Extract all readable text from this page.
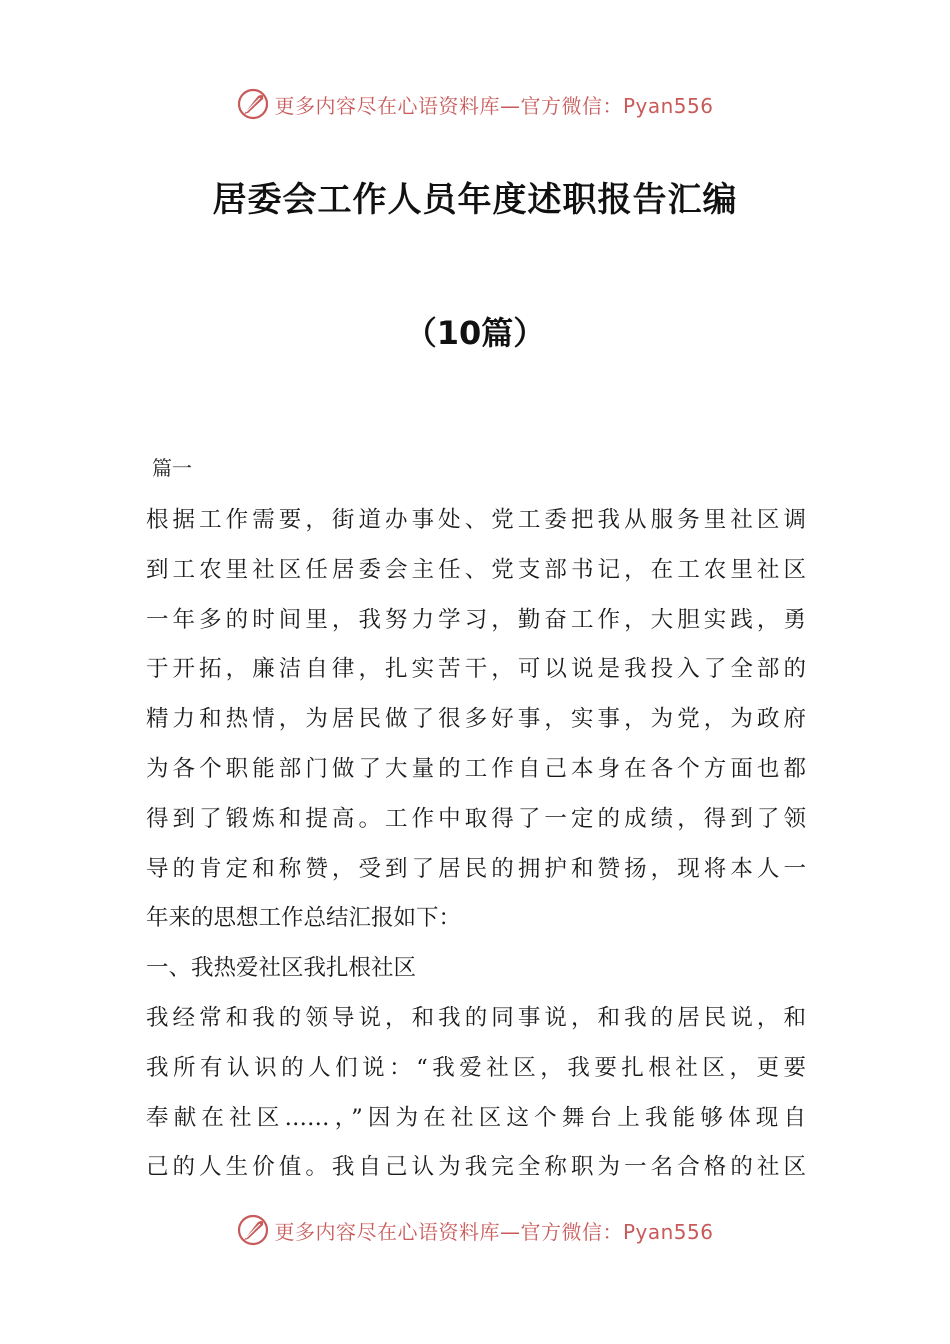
更多内容尽在心语资料库—官方微信：Pyan556
居委会工作人员年度述职报告汇编
（10篇）
篇一
根据工作需要，街道办事处、党工委把我从服务里社区调
到工农里社区任居委会主任、党支部书记，在工农里社区
一年多的时间里，我努力学习，勤奋工作，大胆实践，勇
于开拓，廉洁自律，扎实苦干，可以说是我投入了全部的
精力和热情，为居民做了很多好事，实事，为党，为政府
为各个职能部门做了大量的工作自己本身在各个方面也都
得到了锻炼和提高。工作中取得了一定的成绩，得到了领
导的肯定和称赞，受到了居民的拥护和赞扬，现将本人一
年来的思想工作总结汇报如下：
一、我热爱社区我扎根社区
我经常和我的领导说，和我的同事说，和我的居民说，和
我所有认识的人们说：“我爱社区，我要扎根社区，更要
奉献在社区……，”因为在社区这个舞台上我能够体现自
己的人生价值。我自己认为我完全称职为一名合格的社区
更多内容尽在心语资料库—官方微信：Pyan556
